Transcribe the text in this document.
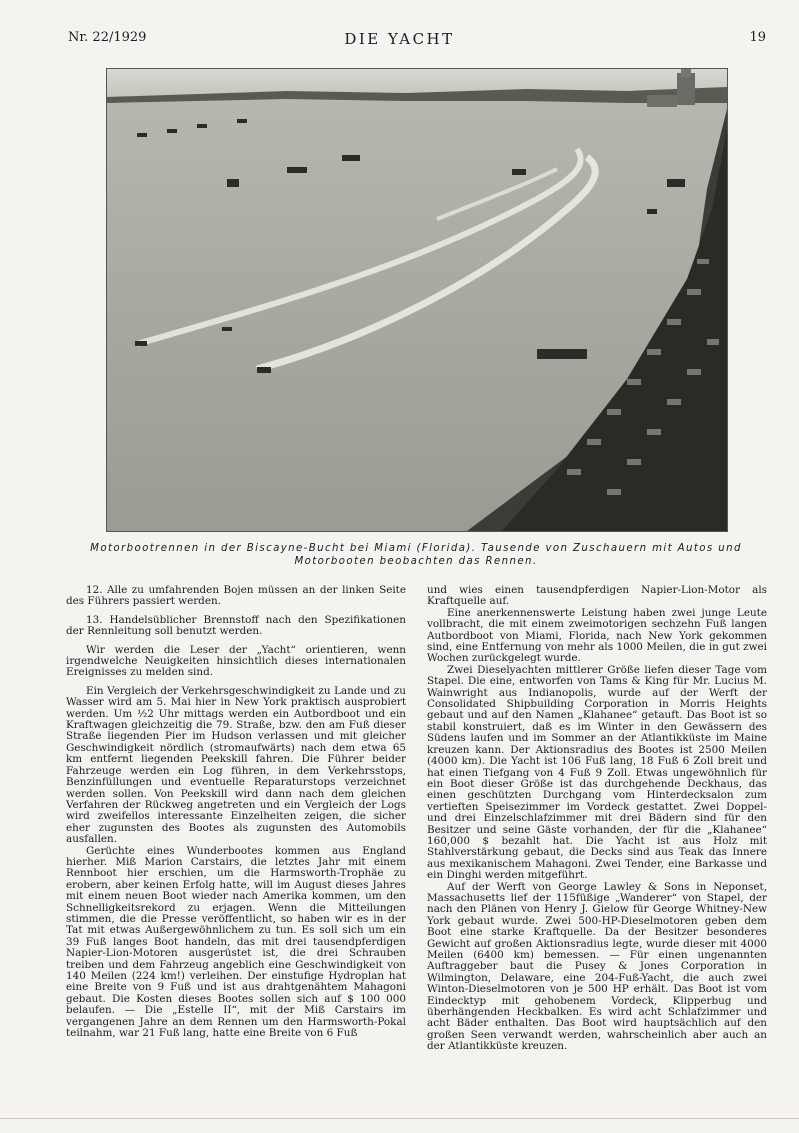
Nr. 22/1929	DIE YACHT	19
Motorbootrennen in der Biscayne-Bucht bei Miami (Florida). Tausende von Zuschauern mit Autos und Motorbooten beobachten das Rennen.

12. Alle zu umfahrenden Bojen müssen an der linken Seite des Führers passiert werden.

13. Handelsüblicher Brennstoff nach den Spezifikationen der Rennleitung soll benutzt werden.

Wir werden die Leser der „Yacht“ orientieren, wenn irgendwelche Neuigkeiten hinsichtlich dieses internationalen Ereignisses zu melden sind.

Ein Vergleich der Verkehrsgeschwindigkeit zu Lande und zu Wasser wird am 5. Mai hier in New York praktisch ausprobiert werden. Um ½2 Uhr mittags werden ein Autbordboot und ein Kraftwagen gleichzeitig die 79. Straße, bzw. den am Fuß dieser Straße liegenden Pier im Hudson verlassen und mit gleicher Geschwindigkeit nördlich (stromaufwärts) nach dem etwa 65 km entfernt liegenden Peekskill fahren. Die Führer beider Fahrzeuge werden ein Log führen, in dem Verkehrsstops, Benzinfüllungen und eventuelle Reparaturstops verzeichnet werden sollen. Von Peekskill wird dann nach dem gleichen Verfahren der Rückweg angetreten und ein Vergleich der Logs wird zweifellos interessante Einzelheiten zeigen, die sicher eher zugunsten des Bootes als zugunsten des Automobils ausfallen.

Gerüchte eines Wunderbootes kommen aus England hierher. Miß Marion Carstairs, die letztes Jahr mit einem Rennboot hier erschien, um die Harmsworth-Trophäe zu erobern, aber keinen Erfolg hatte, will im August dieses Jahres mit einem neuen Boot wieder nach Amerika kommen, um den Schnelligkeitsrekord zu erjagen. Wenn die Mitteilungen stimmen, die die Presse veröffentlicht, so haben wir es in der Tat mit etwas Außergewöhnlichem zu tun. Es soll sich um ein 39 Fuß langes Boot handeln, das mit drei tausendpferdigen Napier-Lion-Motoren ausgerüstet ist, die drei Schrauben treiben und dem Fahrzeug angeblich eine Geschwindigkeit von 140 Meilen (224 km!) verleihen. Der einstufige Hydroplan hat eine Breite von 9 Fuß und ist aus drahtgenähtem Mahagoni gebaut. Die Kosten dieses Bootes sollen sich auf $ 100 000 belaufen. — Die „Estelle II“, mit der Miß Carstairs im vergangenen Jahre an dem Rennen um den Harmsworth-Pokal teilnahm, war 21 Fuß lang, hatte eine Breite von 6 Fuß

und wies einen tausendpferdigen Napier-Lion-Motor als Kraftquelle auf.

Eine anerkennenswerte Leistung haben zwei junge Leute vollbracht, die mit einem zweimotorigen sechzehn Fuß langen Autbordboot von Miami, Florida, nach New York gekommen sind, eine Entfernung von mehr als 1000 Meilen, die in gut zwei Wochen zurückgelegt wurde.

Zwei Dieselyachten mittlerer Größe liefen dieser Tage vom Stapel. Die eine, entworfen von Tams & King für Mr. Lucius M. Wainwright aus Indianopolis, wurde auf der Werft der Consolidated Shipbuilding Corporation in Morris Heights gebaut und auf den Namen „Klahanee“ getauft. Das Boot ist so stabil konstruiert, daß es im Winter in den Gewässern des Südens laufen und im Sommer an der Atlantikküste im Maine kreuzen kann. Der Aktionsradius des Bootes ist 2500 Meilen (4000 km). Die Yacht ist 106 Fuß lang, 18 Fuß 6 Zoll breit und hat einen Tiefgang von 4 Fuß 9 Zoll. Etwas ungewöhnlich für ein Boot dieser Größe ist das durchgehende Deckhaus, das einen geschützten Durchgang vom Hinterdecksalon zum vertieften Speisezimmer im Vordeck gestattet. Zwei Doppel- und drei Einzelschlafzimmer mit drei Bädern sind für den Besitzer und seine Gäste vorhanden, der für die „Klahanee“ 160,000 $ bezahlt hat. Die Yacht ist aus Holz mit Stahlverstärkung gebaut, die Decks sind aus Teak das Innere aus mexikanischem Mahagoni. Zwei Tender, eine Barkasse und ein Dinghi werden mitgeführt.

Auf der Werft von George Lawley & Sons in Neponset, Massachusetts lief der 115füßige „Wanderer“ von Stapel, der nach den Plänen von Henry J. Gielow für George Whitney-New York gebaut wurde. Zwei 500-HP-Dieselmotoren geben dem Boot eine starke Kraftquelle. Da der Besitzer besonderes Gewicht auf großen Aktionsradius legte, wurde dieser mit 4000 Meilen (6400 km) bemessen. — Für einen ungenannten Auftraggeber baut die Pusey & Jones Corporation in Wilmington, Delaware, eine 204-Fuß-Yacht, die auch zwei Winton-Dieselmotoren von je 500 HP erhält. Das Boot ist vom Eindecktyp mit gehobenem Vordeck, Klipperbug und überhängenden Heckbalken. Es wird acht Schlafzimmer und acht Bäder enthalten. Das Boot wird hauptsächlich auf den großen Seen verwandt werden, wahrscheinlich aber auch an der Atlantikküste kreuzen.
